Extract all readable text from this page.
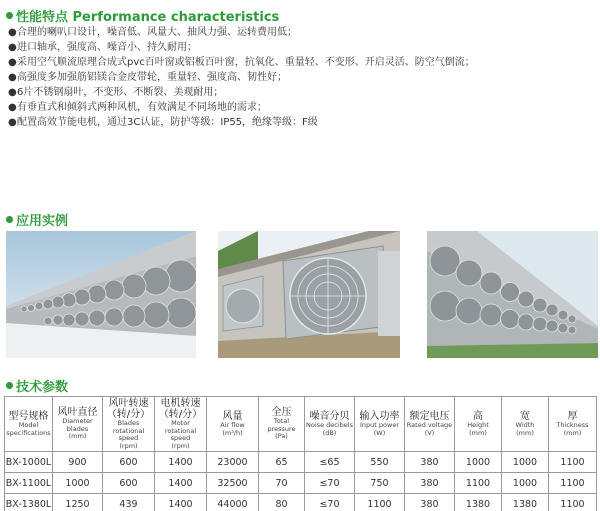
性能特点 Performance characteristics
● 合理的喇叭口设计，噪音低、风量大、抽风力强、运转费用低；
● 进口轴承，强度高、噪音小、持久耐用；
● 采用空气顺流原理合成式pvc百叶窗或铝板百叶窗，抗氧化、重量轻、不变形、开启灵活、防空气倒流；
● 高强度多加强筋铝镁合金皮带轮，重量轻、强度高、韧性好；
● 6片不锈钢扇叶，不变形、不断裂、美观耐用；
● 有垂直式和倾斜式两种风机，有效满足不同场地的需求；
● 配置高效节能电机，通过3C认证，防护等级：IP55，绝缘等级：F级
应用实例
技术参数
型号规格
Model specifications	风叶直径
Diameter blades
(mm)	风叶转速（转/分）
Blades rotational speed
(rpm)	电机转速（转/分）
Motor rotational speed
(rpm)	风量
Air flow
(m³/h)	全压
Total pressure
(Pa)	噪音分贝
Noise decibels
(dB)	输入功率
Input power
(W)	额定电压
Rated voltage
(V)	高
Height
(mm)	宽
Width
(mm)	厚
Thickness
(mm)

BX-1000L	900	600	1400	23000	65	≤65	550	380	1000	1000	1100
BX-1100L	1000	600	1400	32500	70	≤70	750	380	1100	1000	1100
BX-1380L	1250	439	1400	44000	80	≤70	1100	380	1380	1380	1100
